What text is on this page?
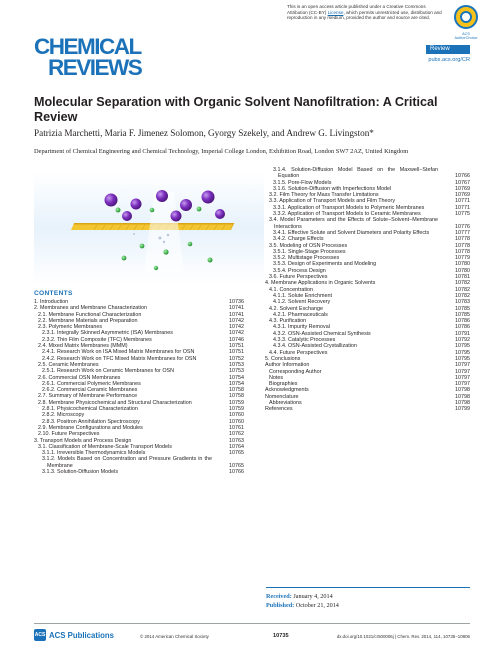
This is an open access article published under a Creative Commons Attribution (CC-BY) License, which permits unrestricted use, distribution and reproduction in any medium, provided the author and source are cited.
ACS AuthorChoice
CHEMICAL
REVIEWS
Review
pubs.acs.org/CR
Molecular Separation with Organic Solvent Nanofiltration: A Critical Review
Patrizia Marchetti, Maria F. Jimenez Solomon, Gyorgy Szekely, and Andrew G. Livingston*
Department of Chemical Engineering and Chemical Technology, Imperial College London, Exhibition Road, London SW7 2AZ, United Kingdom
CONTENTS
1. Introduction	10736
2. Membranes and Membrane Characterization	10741
2.1. Membrane Functional Characterization	10741
2.2. Membrane Materials and Preparation	10742
2.3. Polymeric Membranes	10742
2.3.1. Integrally Skinned Asymmetric (ISA) Membranes	10742
2.3.2. Thin Film Composite (TFC) Membranes	10746
2.4. Mixed Matrix Membranes (MMM)	10751
2.4.1. Research Work on ISA Mixed Matrix Membranes for OSN	10751
2.4.2. Research Work on TFC Mixed Matrix Membranes for OSN	10752
2.5. Ceramic Membranes	10753
2.5.1. Research Work on Ceramic Membranes for OSN	10753
2.6. Commercial OSN Membranes	10754
2.6.1. Commercial Polymeric Membranes	10754
2.6.2. Commercial Ceramic Membranes	10758
2.7. Summary of Membrane Performance	10758
2.8. Membrane Physicochemical and Structural Characterization	10759
2.8.1. Physicochemical Characterization	10759
2.8.2. Microscopy	10760
2.8.3. Positron Annihilation Spectroscopy	10760
2.9. Membrane Configurations and Modules	10761
2.10. Future Perspectives	10762
3. Transport Models and Process Design	10763
3.1. Classification of Membrane-Scale Transport Models	10764
3.1.1. Irreversible Thermodynamics Models	10765
3.1.2. Models Based on Concentration and Pressure Gradients in the Membrane	10765
3.1.3. Solution-Diffusion Models	10766
3.1.4. Solution-Diffusion Model Based on the Maxwell−Stefan Equation	10766
3.1.5. Pore-Flow Models	10767
3.1.6. Solution-Diffusion with Imperfections Model	10769
3.2. Film Theory for Mass Transfer Limitations	10769
3.3. Application of Transport Models and Film Theory	10771
3.3.1. Application of Transport Models to Polymeric Membranes	10771
3.3.2. Application of Transport Models to Ceramic Membranes	10775
3.4. Model Parameters and the Effects of Solute−Solvent−Membrane Interactions	10776
3.4.1. Effective Solute and Solvent Diameters and Polarity Effects	10777
3.4.2. Charge Effects	10778
3.5. Modeling of OSN Processes	10778
3.5.1. Single-Stage Processes	10778
3.5.2. Multistage Processes	10779
3.5.3. Design of Experiments and Modeling	10780
3.5.4. Process Design	10780
3.6. Future Perspectives	10781
4. Membrane Applications in Organic Solvents	10782
4.1. Concentration	10782
4.1.1. Solute Enrichment	10782
4.1.2. Solvent Recovery	10783
4.2. Solvent Exchange	10785
4.2.1. Pharmaceuticals	10785
4.3. Purification	10786
4.3.1. Impurity Removal	10786
4.3.2. OSN-Assisted Chemical Synthesis	10791
4.3.3. Catalytic Processes	10792
4.3.4. OSN-Assisted Crystallization	10795
4.4. Future Perspectives	10795
5. Conclusions	10795
Author Information	10797
Corresponding Author	10797
Notes	10797
Biographies	10797
Acknowledgments	10798
Nomenclature	10798
Abbreviations	10798
References	10799
Received: January 4, 2014
Published: October 21, 2014
ACS ACS Publications	© 2014 American Chemical Society	10735	dx.doi.org/10.1021/cr500006j | Chem. Rev. 2014, 114, 10735−10806
